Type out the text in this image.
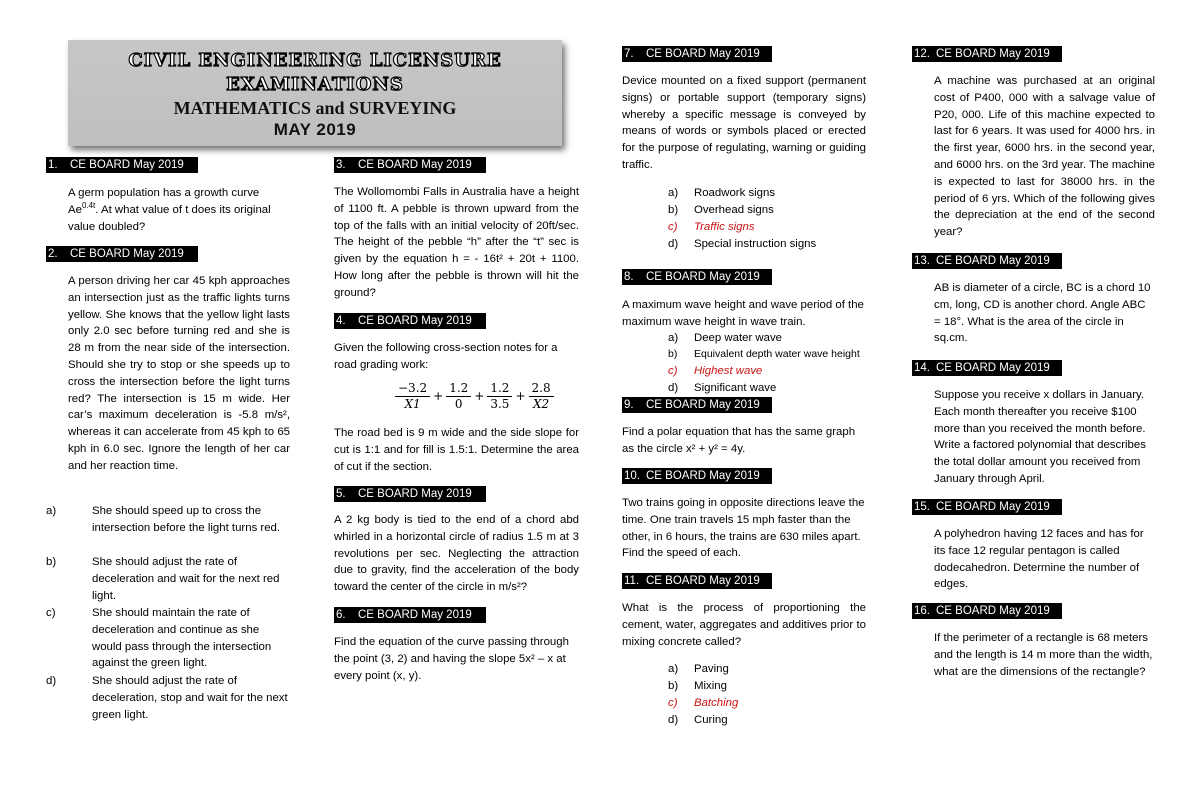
CIVIL ENGINEERING LICENSURE
EXAMINATIONS
MATHEMATICS and SURVEYING
MAY 2019
1. CE BOARD May 2019
A germ population has a growth curve $Ae^{0.4t}$. At what value of t does its original value doubled?
2. CE BOARD May 2019
A person driving her car 45 kph approaches an intersection just as the traffic lights turns yellow. She knows that the yellow light lasts only 2.0 sec before turning red and she is 28 m from the near side of the intersection. Should she try to stop or she speeds up to cross the intersection before the light turns red? The intersection is 15 m wide. Her car’s maximum deceleration is -5.8 m/s², whereas it can accelerate from 45 kph to 65 kph in 6.0 sec. Ignore the length of her car and her reaction time.
a)	She should speed up to cross the intersection before the light turns red.
b)	She should adjust the rate of deceleration and wait for the next red light.
c)	She should maintain the rate of deceleration and continue as she would pass through the intersection against the green light.
d)	She should adjust the rate of deceleration, stop and wait for the next green light.
3. CE BOARD May 2019
The Wollomombi Falls in Australia have a height of 1100 ft. A pebble is thrown upward from the top of the falls with an initial velocity of 20ft/sec. The height of the pebble “h” after the “t” sec is given by the equation h = - 16t² + 20t + 1100. How long after the pebble is thrown will hit the ground?
4. CE BOARD May 2019
Given the following cross-section notes for a road grading work:
The road bed is 9 m wide and the side slope for cut is 1:1 and for fill is 1.5:1. Determine the area of cut if the section.
5. CE BOARD May 2019
A 2 kg body is tied to the end of a chord abd whirled in a horizontal circle of radius 1.5 m at 3 revolutions per sec. Neglecting the attraction due to gravity, find the acceleration of the body toward the center of the circle in m/s²?
6. CE BOARD May 2019
Find the equation of the curve passing through the point (3, 2) and having the slope 5x² – x at every point (x, y).
$\frac{-3.2}{X1} + \frac{1.2}{0} + \frac{1.2}{3.5} + \frac{2.8}{X2}$
7. CE BOARD May 2019
Device mounted on a fixed support (permanent signs) or portable support (temporary signs) whereby a specific message is conveyed by means of words or symbols placed or erected for the purpose of regulating, warning or guiding traffic.
a) Roadwork signs
b) Overhead signs
c) Traffic signs
d) Special instruction signs
8. CE BOARD May 2019
A maximum wave height and wave period of the maximum wave height in wave train.
a) Deep water wave
b) Equivalent depth water wave height
c) Highest wave
d) Significant wave
9. CE BOARD May 2019
Find a polar equation that has the same graph as the circle x² + y² = 4y.
10. CE BOARD May 2019
Two trains going in opposite directions leave the time. One train travels 15 mph faster than the other, in 6 hours, the trains are 630 miles apart. Find the speed of each.
11. CE BOARD May 2019
What is the process of proportioning the cement, water, aggregates and additives prior to mixing concrete called?
a) Paving
b) Mixing
c) Batching
d) Curing
12. CE BOARD May 2019
A machine was purchased at an original cost of P400, 000 with a salvage value of P20, 000. Life of this machine expected to last for 6 years. It was used for 4000 hrs. in the first year, 6000 hrs. in the second year, and 6000 hrs. on the 3rd year. The machine is expected to last for 38000 hrs. in the period of 6 yrs. Which of the following gives the depreciation at the end of the second year?
13. CE BOARD May 2019
AB is diameter of a circle, BC is a chord 10 cm, long, CD is another chord. Angle ABC = 18°. What is the area of the circle in sq.cm.
14. CE BOARD May 2019
Suppose you receive x dollars in January. Each month thereafter you receive $100 more than you received the month before. Write a factored polynomial that describes the total dollar amount you received from January through April.
15. CE BOARD May 2019
A polyhedron having 12 faces and has for its face 12 regular pentagon is called dodecahedron. Determine the number of edges.
16. CE BOARD May 2019
If the perimeter of a rectangle is 68 meters and the length is 14 m more than the width, what are the dimensions of the rectangle?
